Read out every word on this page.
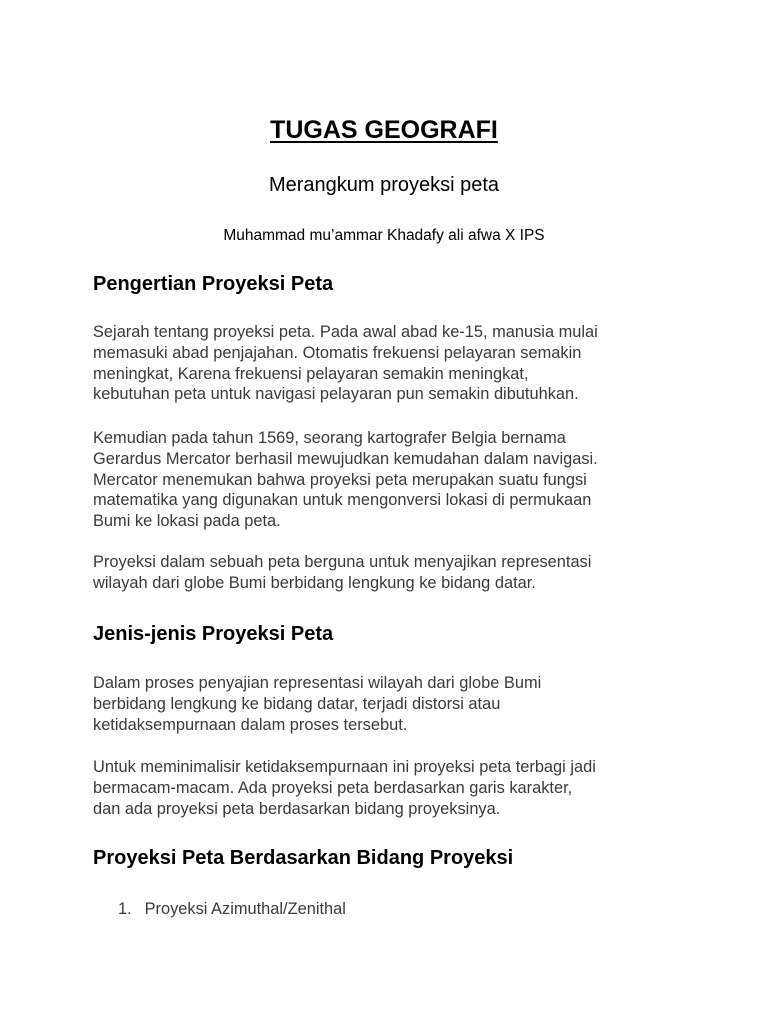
TUGAS GEOGRAFI

Merangkum proyeksi peta

Muhammad mu’ammar Khadafy ali afwa X IPS

Pengertian Proyeksi Peta

Sejarah tentang proyeksi peta. Pada awal abad ke-15, manusia mulai
memasuki abad penjajahan. Otomatis frekuensi pelayaran semakin
meningkat, Karena frekuensi pelayaran semakin meningkat,
kebutuhan peta untuk navigasi pelayaran pun semakin dibutuhkan.

Kemudian pada tahun 1569, seorang kartografer Belgia bernama
Gerardus Mercator berhasil mewujudkan kemudahan dalam navigasi.
Mercator menemukan bahwa proyeksi peta merupakan suatu fungsi
matematika yang digunakan untuk mengonversi lokasi di permukaan
Bumi ke lokasi pada peta.

Proyeksi dalam sebuah peta berguna untuk menyajikan representasi
wilayah dari globe Bumi berbidang lengkung ke bidang datar.

Jenis-jenis Proyeksi Peta

Dalam proses penyajian representasi wilayah dari globe Bumi
berbidang lengkung ke bidang datar, terjadi distorsi atau
ketidaksempurnaan dalam proses tersebut.

Untuk meminimalisir ketidaksempurnaan ini proyeksi peta terbagi jadi
bermacam-macam. Ada proyeksi peta berdasarkan garis karakter,
dan ada proyeksi peta berdasarkan bidang proyeksinya.

Proyeksi Peta Berdasarkan Bidang Proyeksi
1. Proyeksi Azimuthal/Zenithal
